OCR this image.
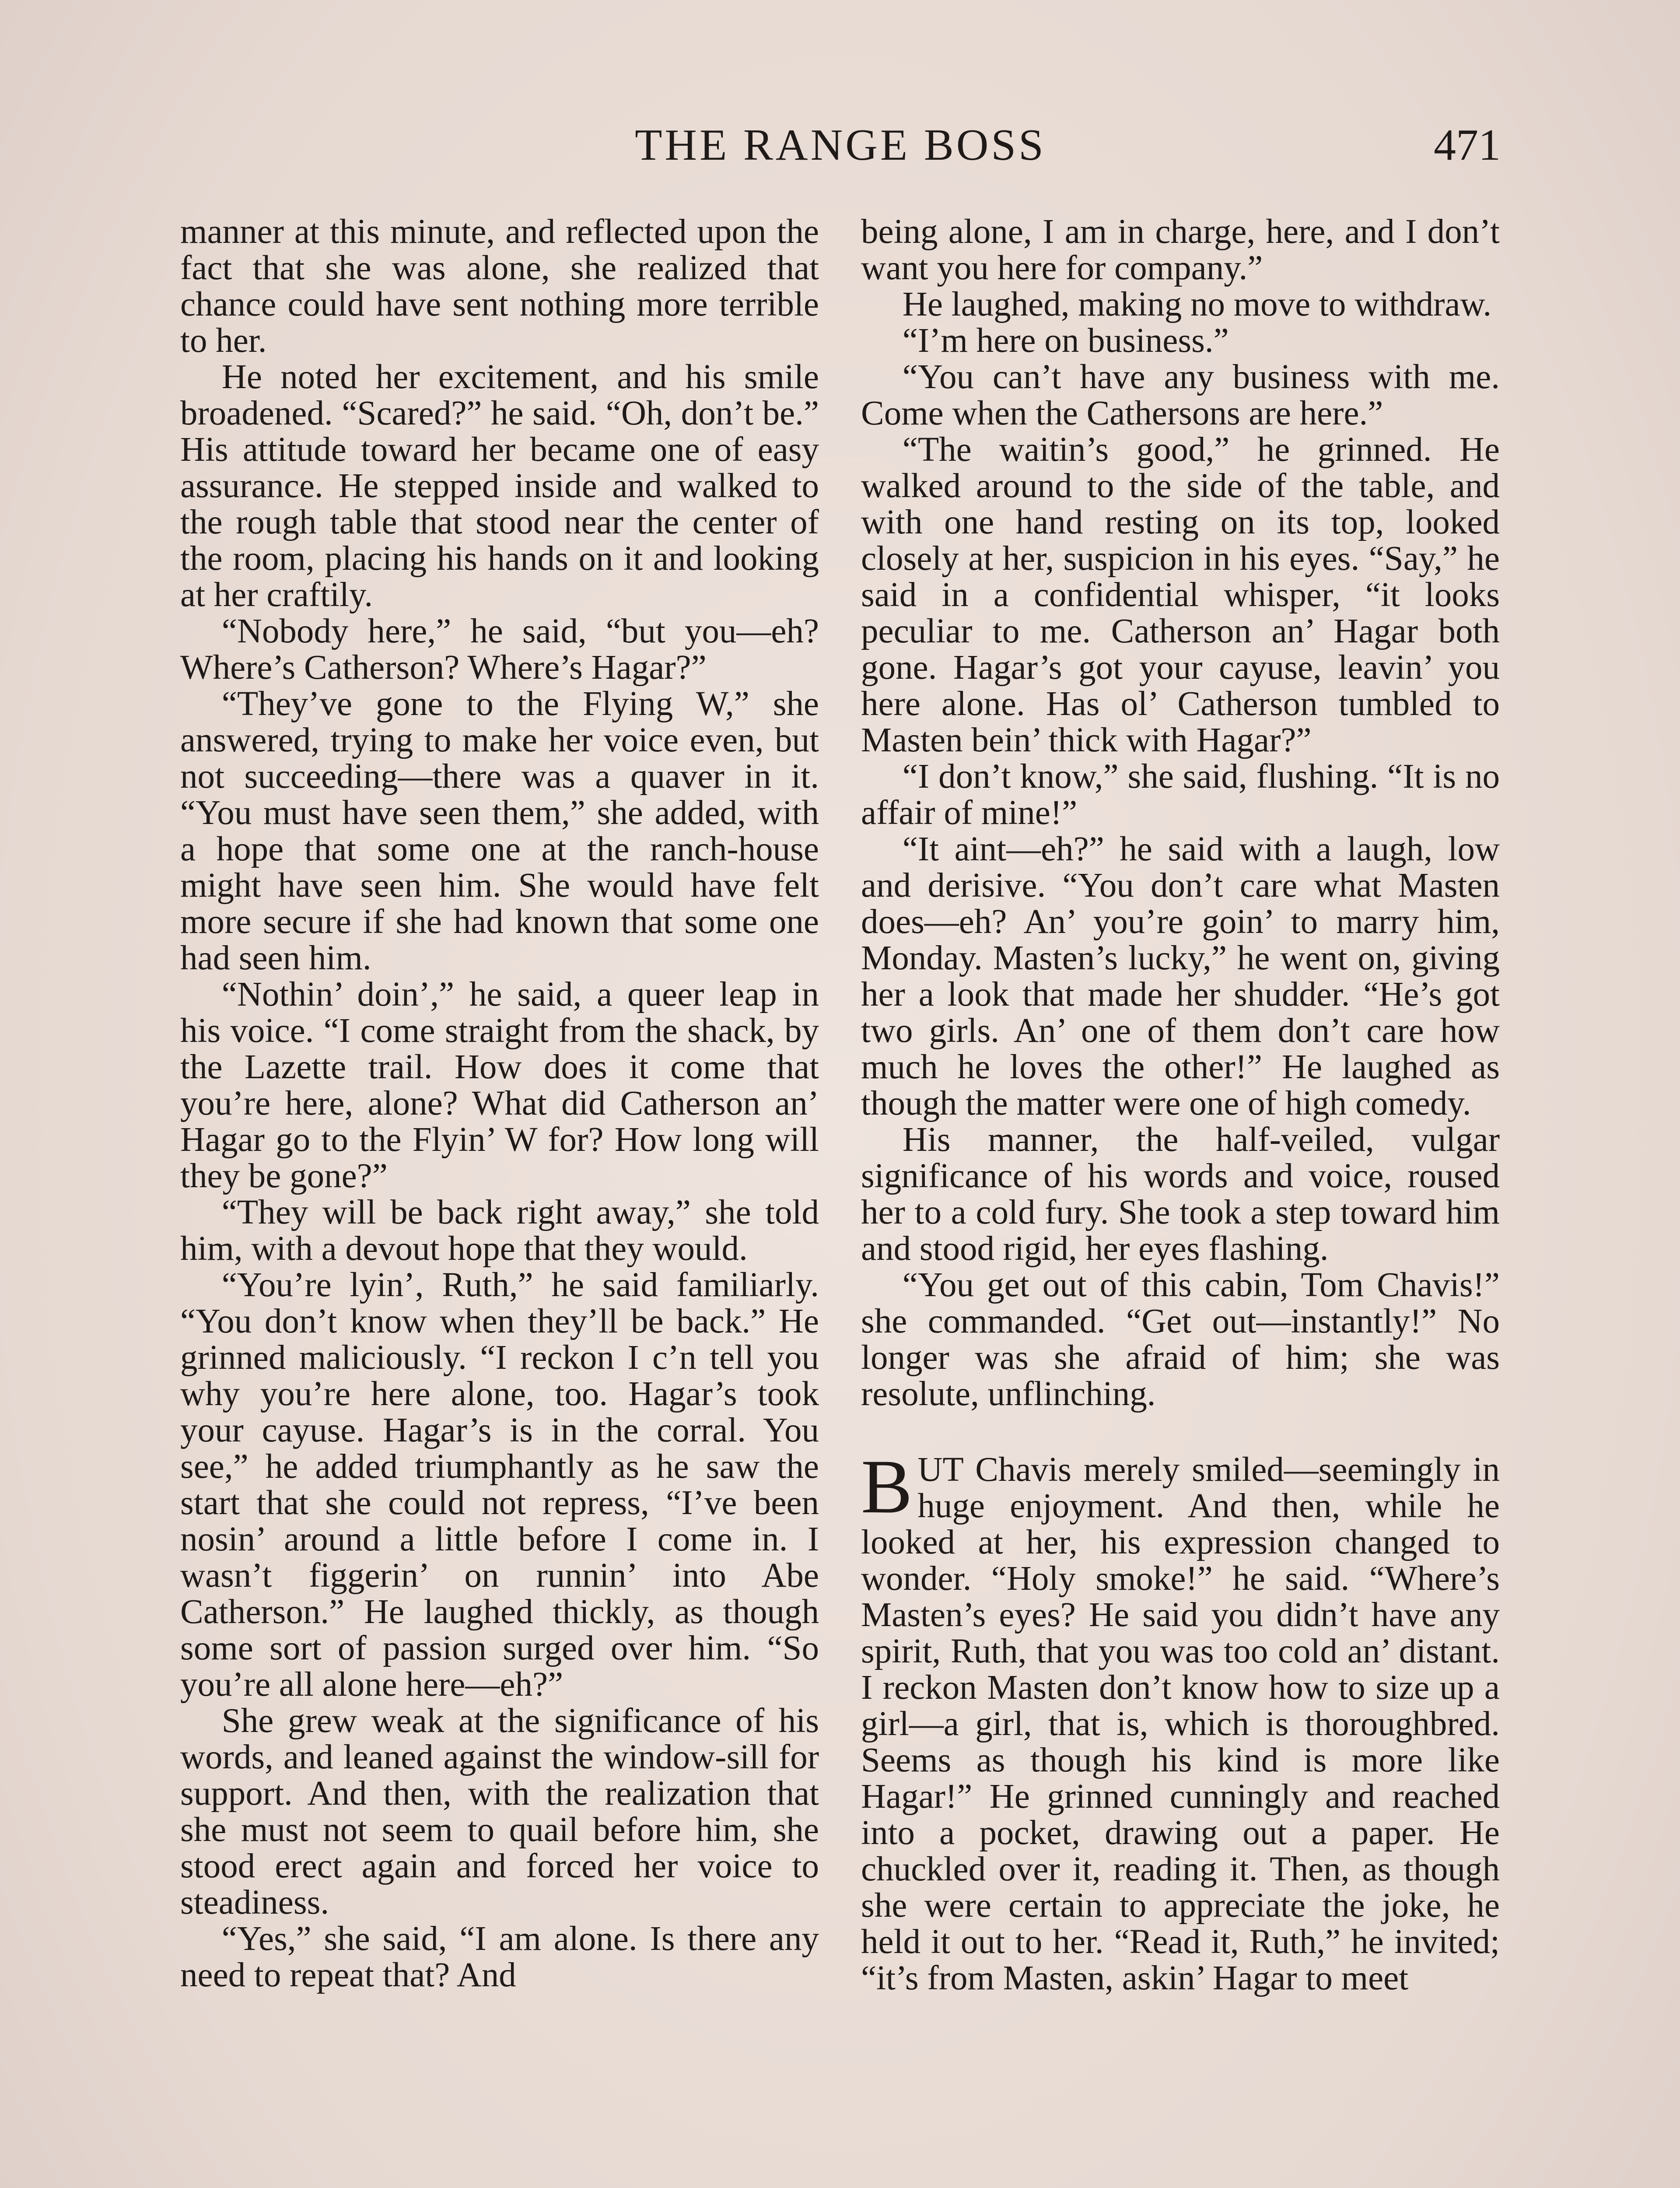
THE RANGE BOSS	471

manner at this minute, and reflected upon the fact that she was alone, she realized that chance could have sent nothing more terrible to her.

He noted her excitement, and his smile broadened. “Scared?” he said. “Oh, don’t be.” His attitude toward her became one of easy assurance. He stepped inside and walked to the rough table that stood near the center of the room, placing his hands on it and looking at her craftily.

“Nobody here,” he said, “but you—eh? Where’s Catherson? Where’s Hagar?”

“They’ve gone to the Flying W,” she answered, trying to make her voice even, but not succeeding—there was a quaver in it. “You must have seen them,” she added, with a hope that some one at the ranch-house might have seen him. She would have felt more secure if she had known that some one had seen him.

“Nothin’ doin’,” he said, a queer leap in his voice. “I come straight from the shack, by the Lazette trail. How does it come that you’re here, alone? What did Catherson an’ Hagar go to the Flyin’ W for? How long will they be gone?”

“They will be back right away,” she told him, with a devout hope that they would.

“You’re lyin’, Ruth,” he said familiarly. “You don’t know when they’ll be back.” He grinned maliciously. “I reckon I c’n tell you why you’re here alone, too. Hagar’s took your cayuse. Hagar’s is in the corral. You see,” he added triumphantly as he saw the start that she could not repress, “I’ve been nosin’ around a little before I come in. I wasn’t figgerin’ on runnin’ into Abe Catherson.” He laughed thickly, as though some sort of passion surged over him. “So you’re all alone here—eh?”

She grew weak at the significance of his words, and leaned against the window-sill for support. And then, with the realization that she must not seem to quail before him, she stood erect again and forced her voice to steadiness.

“Yes,” she said, “I am alone. Is there any need to repeat that? And

being alone, I am in charge, here, and I don’t want you here for company.”

He laughed, making no move to withdraw.

“I’m here on business.”

“You can’t have any business with me. Come when the Cathersons are here.”

“The waitin’s good,” he grinned. He walked around to the side of the table, and with one hand resting on its top, looked closely at her, suspicion in his eyes. “Say,” he said in a confidential whisper, “it looks peculiar to me. Catherson an’ Hagar both gone. Hagar’s got your cayuse, leavin’ you here alone. Has ol’ Catherson tumbled to Masten bein’ thick with Hagar?”

“I don’t know,” she said, flushing. “It is no affair of mine!”

“It aint—eh?” he said with a laugh, low and derisive. “You don’t care what Masten does—eh? An’ you’re goin’ to marry him, Monday. Masten’s lucky,” he went on, giving her a look that made her shudder. “He’s got two girls. An’ one of them don’t care how much he loves the other!” He laughed as though the matter were one of high comedy.

His manner, the half-veiled, vulgar significance of his words and voice, roused her to a cold fury. She took a step toward him and stood rigid, her eyes flashing.

“You get out of this cabin, Tom Chavis!” she commanded. “Get out—instantly!” No longer was she afraid of him; she was resolute, unflinching.

BUT Chavis merely smiled—seemingly in huge enjoyment. And then, while he looked at her, his expression changed to wonder. “Holy smoke!” he said. “Where’s Masten’s eyes? He said you didn’t have any spirit, Ruth, that you was too cold an’ distant. I reckon Masten don’t know how to size up a girl—a girl, that is, which is thoroughbred. Seems as though his kind is more like Hagar!” He grinned cunningly and reached into a pocket, drawing out a paper. He chuckled over it, reading it. Then, as though she were certain to appreciate the joke, he held it out to her. “Read it, Ruth,” he invited; “it’s from Masten, askin’ Hagar to meet
